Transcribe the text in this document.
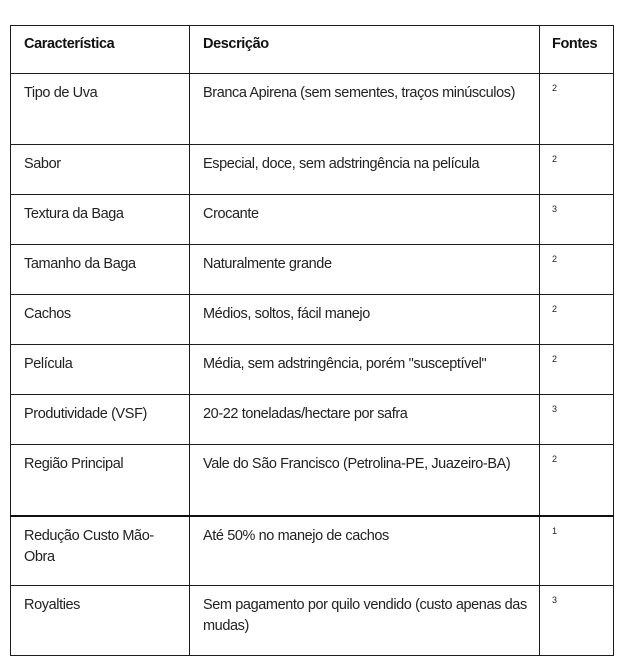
Característica	Descrição	Fontes
Tipo de Uva	Branca Apirena (sem sementes, traços minúsculos)	2

Sabor	Especial, doce, sem adstringência na película	2

Textura da Baga	Crocante	3

Tamanho da Baga	Naturalmente grande	2

Cachos	Médios, soltos, fácil manejo	2

Película	Média, sem adstringência, porém "susceptível"	2

Produtividade (VSF)	20-22 toneladas/hectare por safra	3

Região Principal	Vale do São Francisco (Petrolina-PE, Juazeiro-BA)	2

Redução Custo Mão-Obra	Até 50% no manejo de cachos	1

Royalties	Sem pagamento por quilo vendido (custo apenas das mudas)	3
